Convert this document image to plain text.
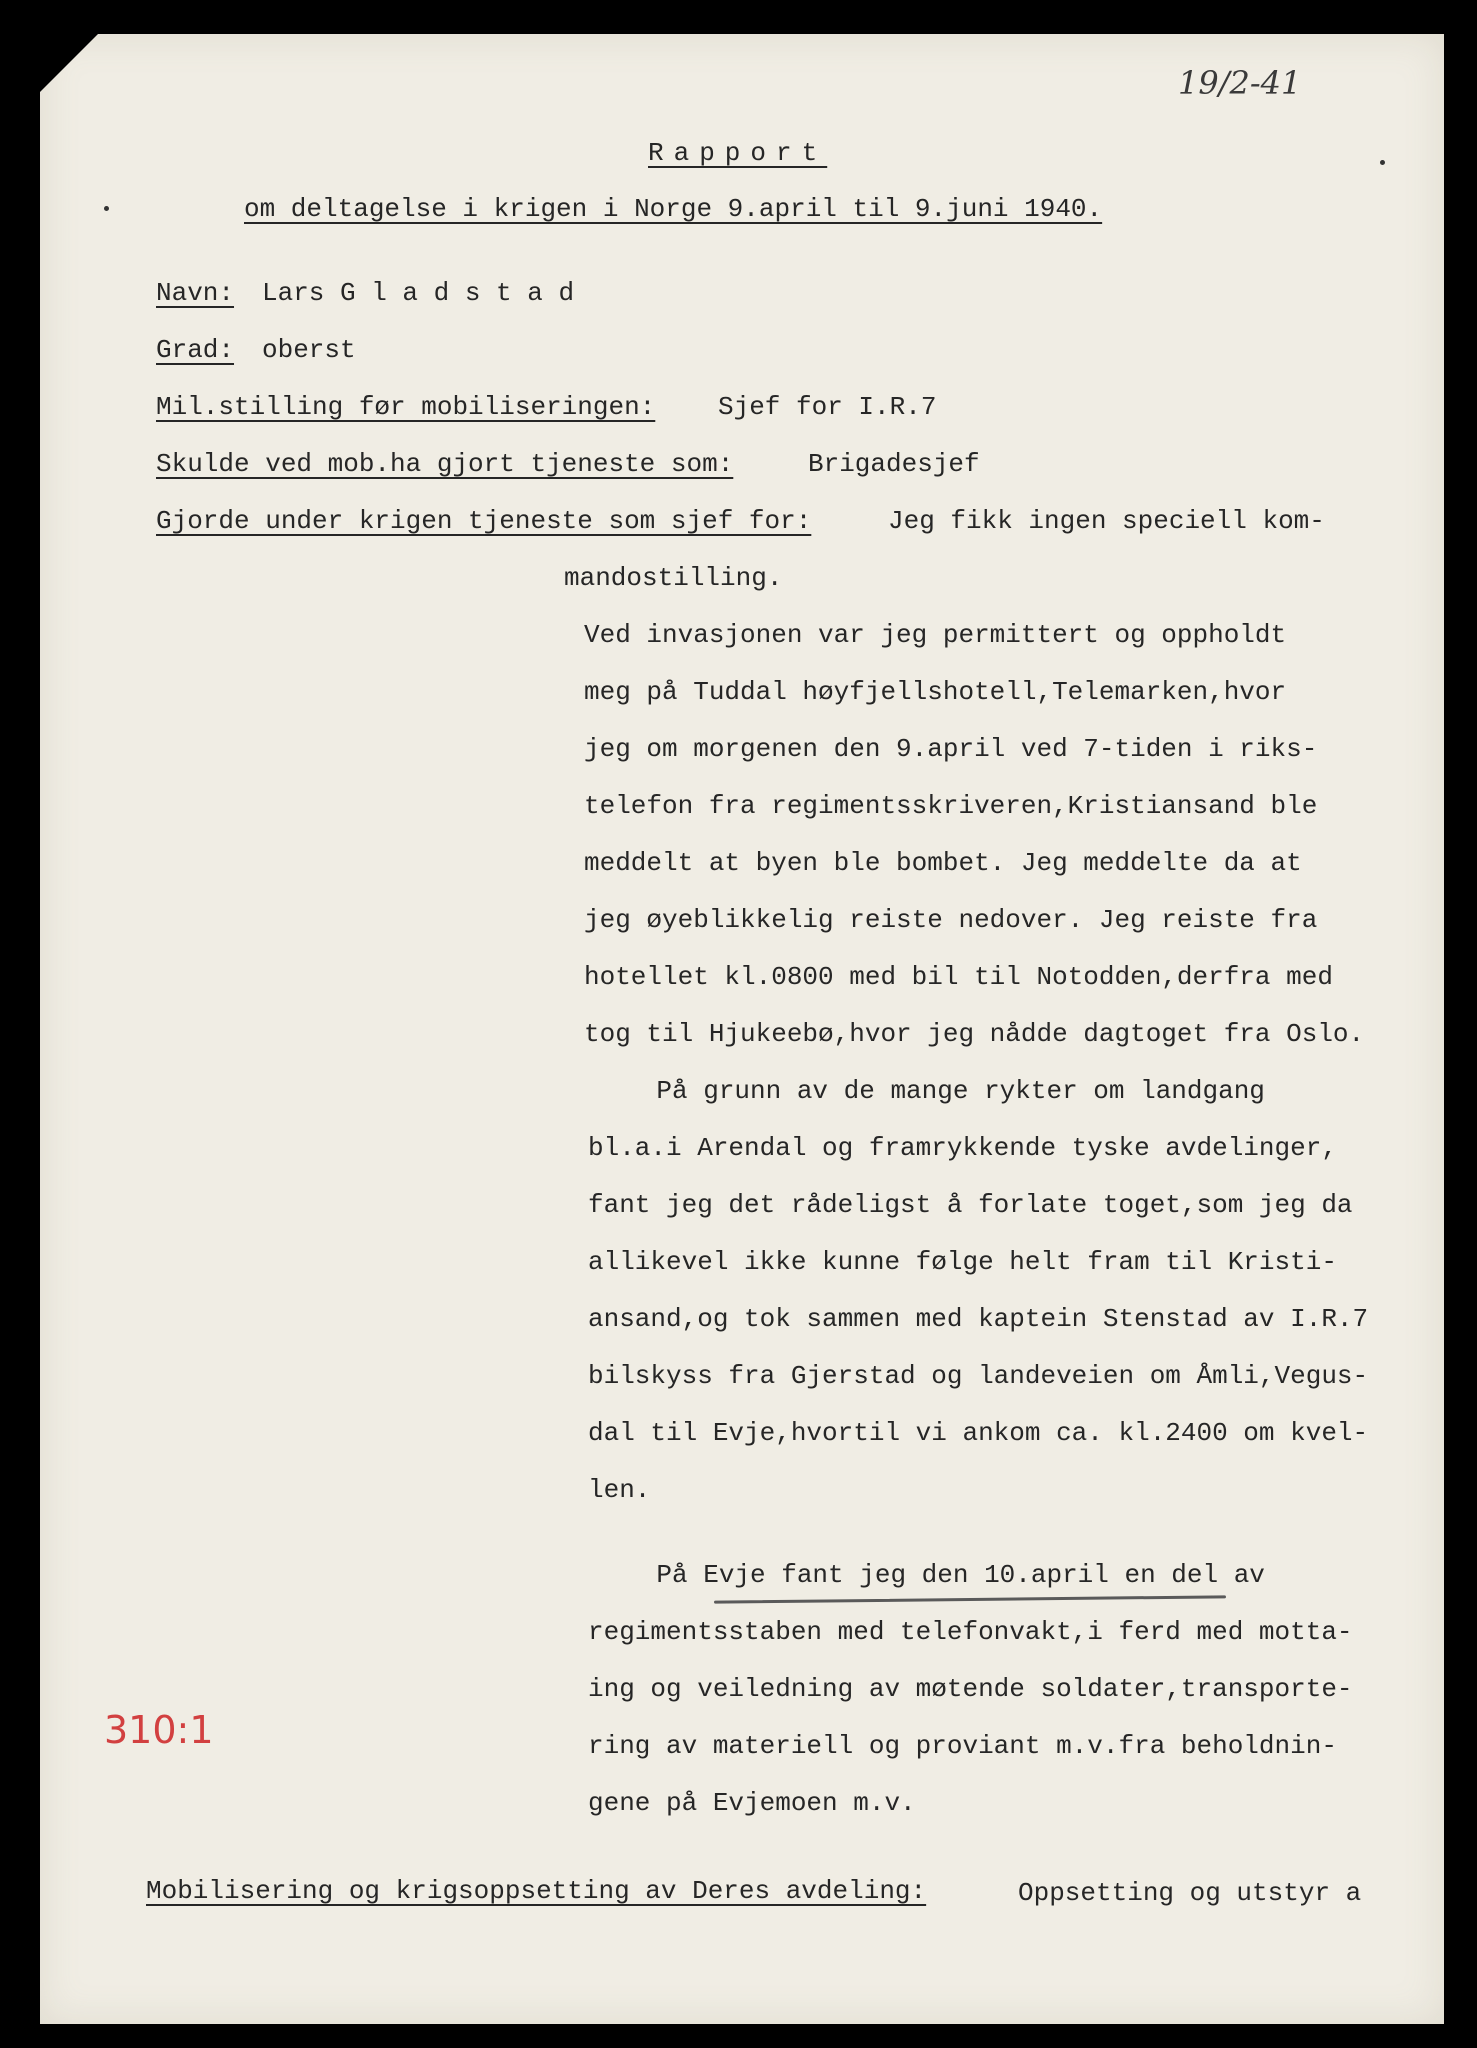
19/2-41
310:1
Rapport
om deltagelse i krigen i Norge 9.april til 9.juni 1940.
Navn: Lars G l a d s t a d
Grad: oberst
Mil.stilling før mobiliseringen: Sjef for I.R.7
Skulde ved mob.ha gjort tjeneste som:	Brigadesjef
Gjorde under krigen tjeneste som sjef for:	Jeg fikk ingen speciell kom-
mandostilling.
Ved invasjonen var jeg permittert og oppholdt
meg på Tuddal høyfjellshotell,Telemarken,hvor
jeg om morgenen den 9.april ved 7-tiden i riks-
telefon fra regimentsskriveren,Kristiansand ble
meddelt at byen ble bombet. Jeg meddelte da at
jeg øyeblikkelig reiste nedover. Jeg reiste fra
hotellet kl.0800 med bil til Notodden,derfra med
tog til Hjukeebø,hvor jeg nådde dagtoget fra Oslo.
På grunn av de mange rykter om landgang
bl.a.i Arendal og framrykkende tyske avdelinger,
fant jeg det rådeligst å forlate toget,som jeg da
allikevel ikke kunne følge helt fram til Kristi-
ansand,og tok sammen med kaptein Stenstad av I.R.7
bilskyss fra Gjerstad og landeveien om Åmli,Vegus-
dal til Evje,hvortil vi ankom ca. kl.2400 om kvel-
len.
På Evje fant jeg den 10.april en del av
regimentsstaben med telefonvakt,i ferd med motta-
ing og veiledning av møtende soldater,transporte-
ring av materiell og proviant m.v.fra beholdnin-
gene på Evjemoen m.v.
Mobilisering og krigsoppsetting av Deres avdeling:	Oppsetting og utstyr a
